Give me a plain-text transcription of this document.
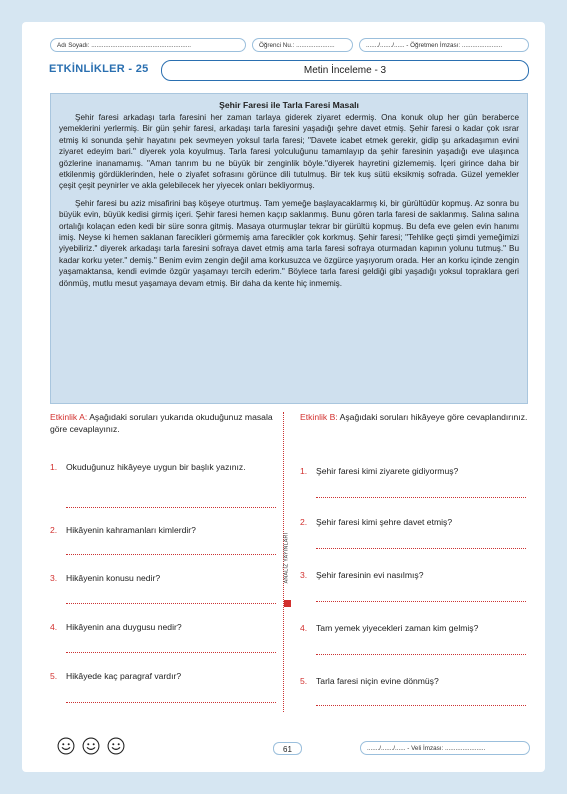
Adı Soyadı: .........................................................	Öğrenci Nu.: ......................	......./......./...... - Öğretmen İmzası: .......................
ETKİNLİKLER - 25	Metin İnceleme - 3
Şehir Faresi ile Tarla Faresi Masalı

Şehir faresi arkadaşı tarla faresini her zaman tarlaya giderek ziyaret edermiş. Ona konuk olup her gün beraberce yemeklerini yerlermiş. Bir gün şehir faresi, arkadaşı tarla faresini yaşadığı şehre davet etmiş. Şehir faresi o kadar çok ısrar etmiş ki sonunda şehir hayatını pek sevmeyen yoksul tarla faresi; "Davete icabet etmek gerekir, gidip şu arkadaşımın evini ziyaret edeyim bari." diyerek yola koyulmuş. Tarla faresi yolculuğunu tamamlayıp da şehir faresinin yaşadığı eve ulaşınca gözlerine inanamamış. "Aman tanrım bu ne büyük bir zenginlik böyle."diyerek hayretini gizlememiş. İçeri girince daha bir etkilenmiş gördüklerinden, hele o ziyafet sofrasını görünce dili tutulmuş. Bir tek kuş sütü eksikmiş sofrada. Güzel yemekler çeşit çeşit peynirler ve akla gelebilecek her yiyecek onları bekliyormuş.

Şehir faresi bu aziz misafirini baş köşeye oturtmuş. Tam yemeğe başlayacaklarmış ki, bir gürültüdür kopmuş. Az sonra bu büyük evin, büyük kedisi girmiş içeri. Şehir faresi hemen kaçıp saklanmış. Bunu gören tarla faresi de saklanmış. Salına salına ortalığı kolaçan eden kedi bir süre sonra gitmiş. Masaya oturmuşlar tekrar bir gürültü kopmuş. Bu defa eve gelen evin hanımı imiş. Neyse ki hemen saklanan farecikleri görmemiş ama farecikler çok korkmuş. Şehir faresi; "Tehlike geçti şimdi yemeğimizi yiyebiliriz." diyerek arkadaşı tarla faresini sofraya davet etmiş ama tarla faresi sofraya oturmadan kapının yolunu tutmuş." Bu kadar korku yeter." demiş." Benim evim zengin değil ama korkusuzca ve özgürce yaşıyorum orada. Her an korku içinde zengin yaşamaktansa, kendi evimde özgür yaşamayı tercih ederim." Böylece tarla faresi geldiği gibi yaşadığı yoksul topraklara geri dönmüş, mutlu mesut yaşamaya devam etmiş. Bir daha da kente hiç inmemiş.

Etkinlik A: Aşağıdaki soruları yukarıda okuduğunuz masala göre cevaplayınız.
1. Okuduğunuz hikâyeye uygun bir başlık yazınız.
2. Hikâyenin kahramanları kimlerdir?
3. Hikâyenin konusu nedir?
4. Hikâyenin ana duygusu nedir?
5. Hikâyede kaç paragraf vardır?
ANALİZ YAYINLARI
Etkinlik B: Aşağıdaki soruları hikâyeye göre cevaplandırınız.
1. Şehir faresi kimi ziyarete gidiyormuş?
2. Şehir faresi kimi şehre davet etmiş?
3. Şehir faresinin evi nasılmış?
4. Tam yemek yiyecekleri zaman kim gelmiş?
5. Tarla faresi niçin evine dönmüş?
61	......./......./...... - Veli İmzası: .......................
